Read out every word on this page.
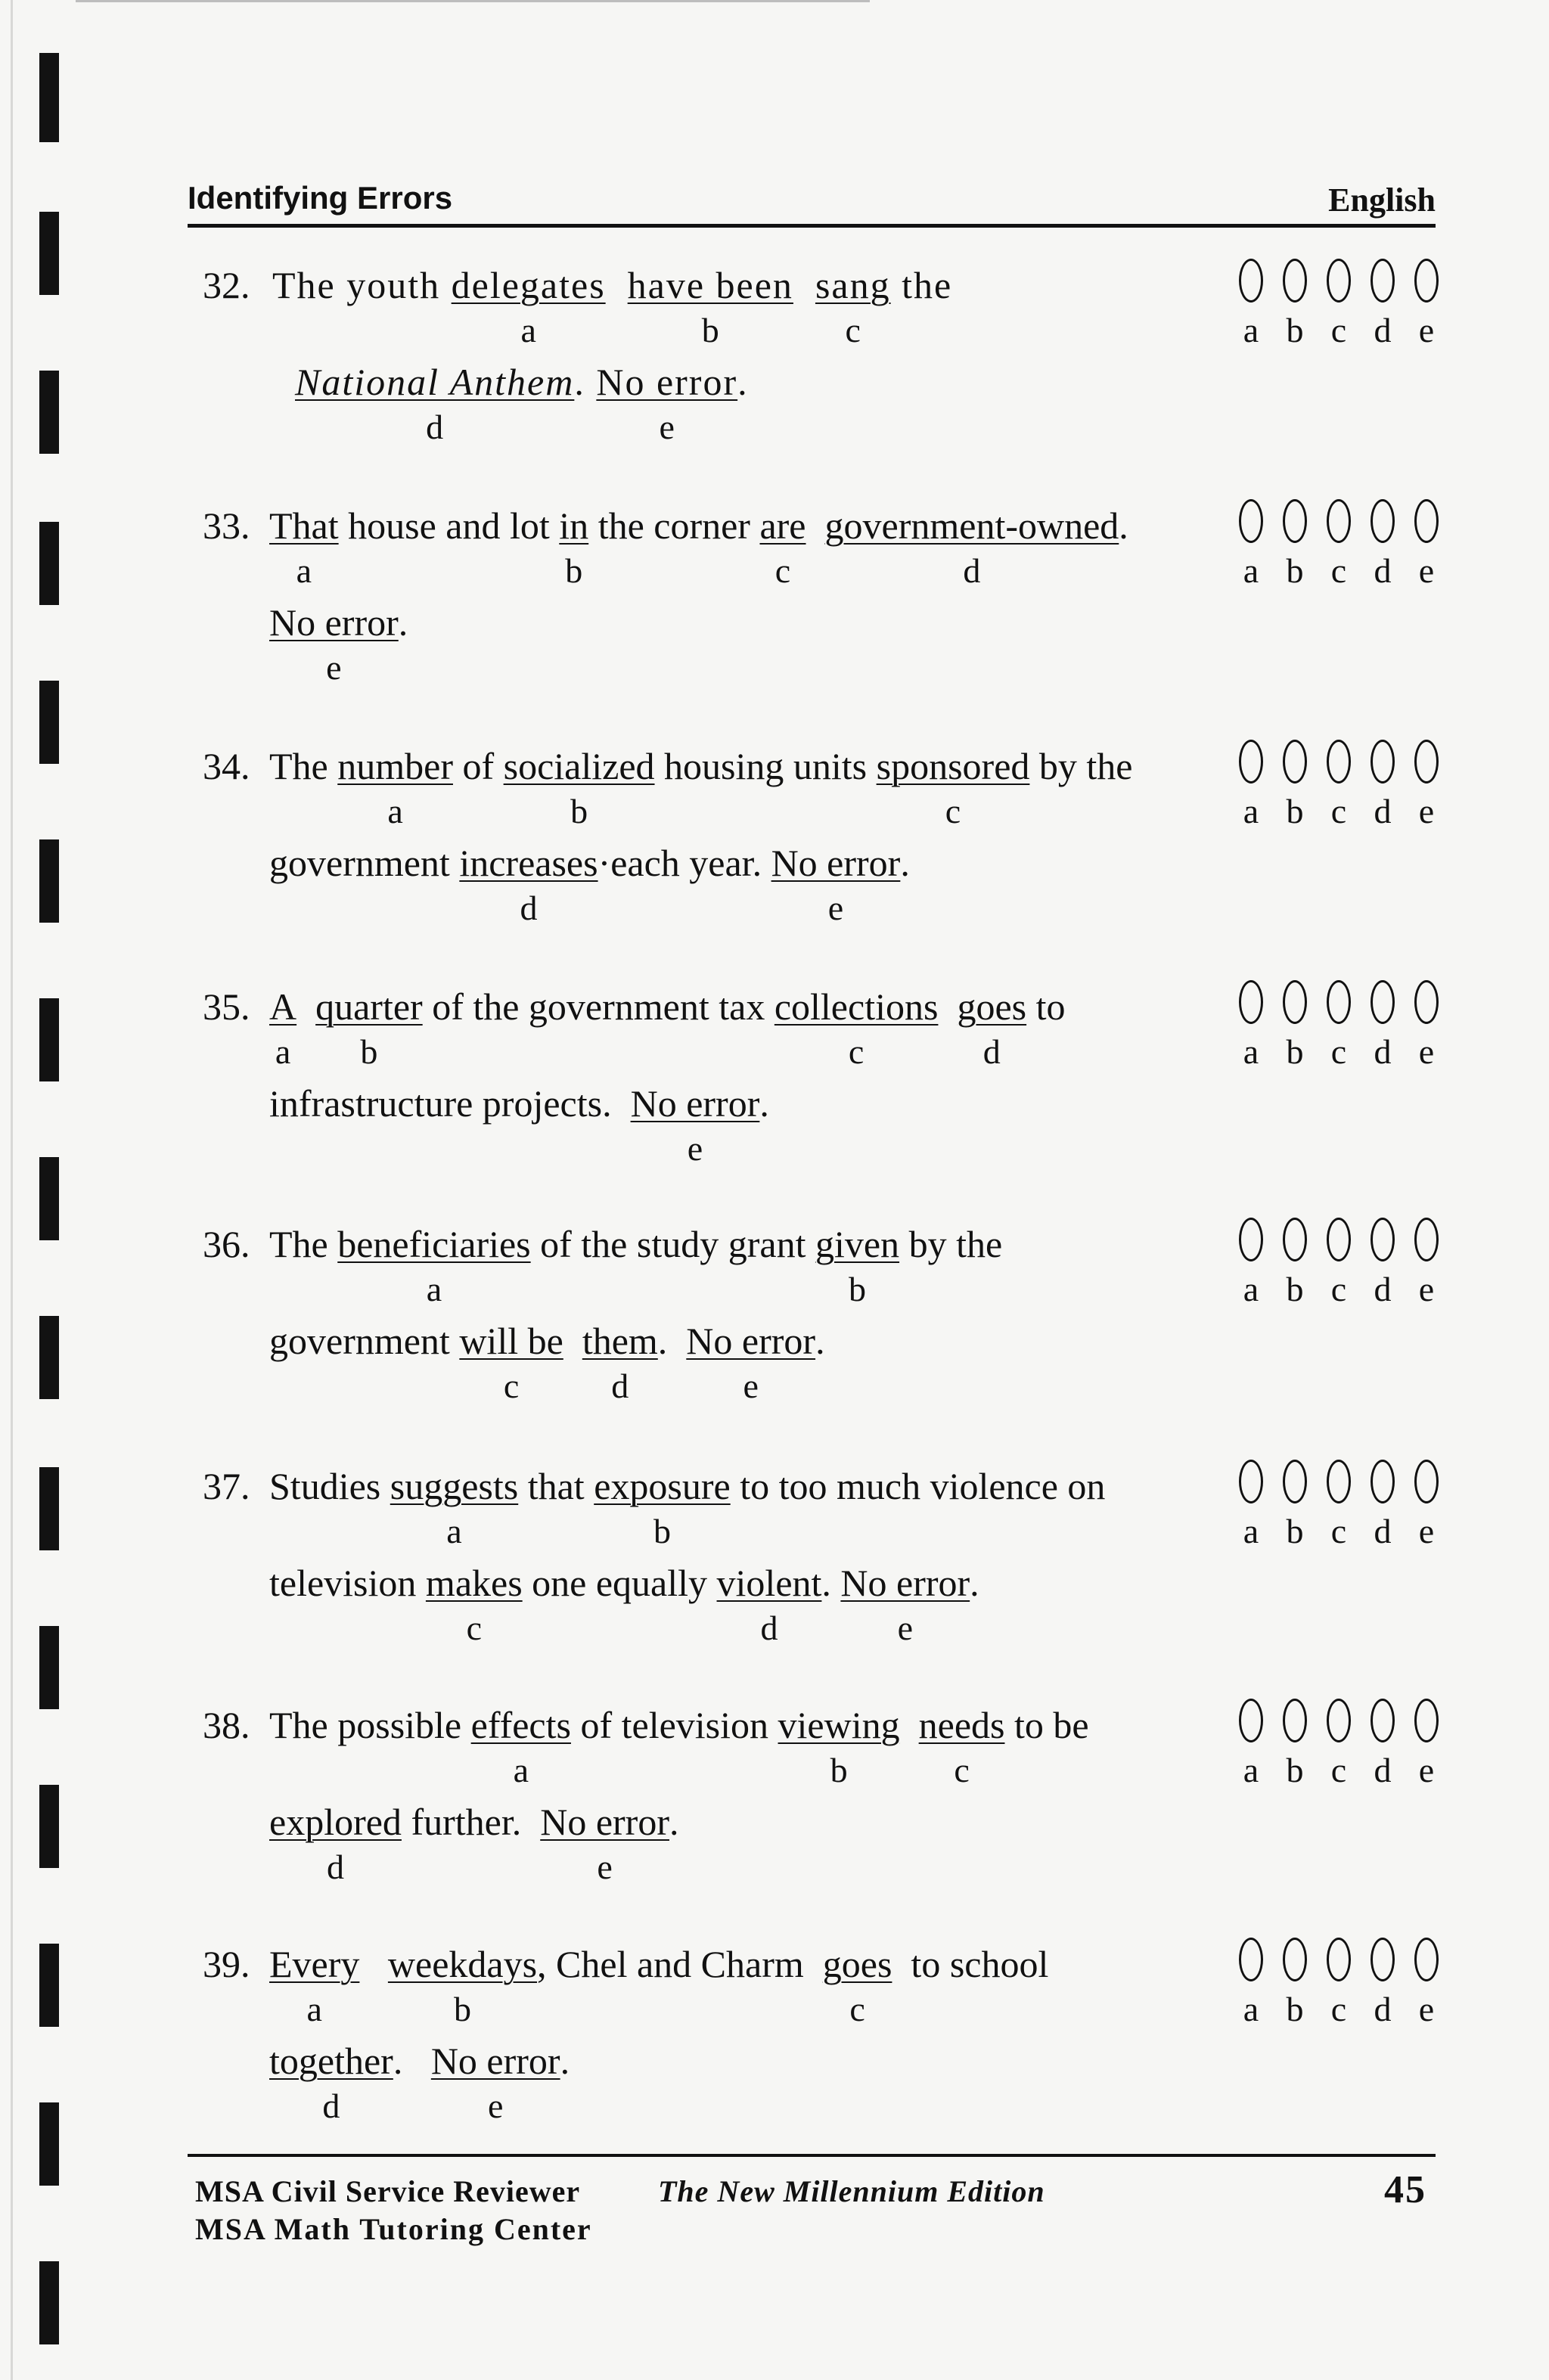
Identifying Errors	English
32. The youth delegates have been sang the
National Anthem. No error.
a b c d e
a	b	c
d	e
33. That house and lot in the corner are government-owned.
No error.
a b c d e
a	b	c	d
e
34. The number of socialized housing units sponsored by the
government increases·each year. No error.
a b c d e
a	b	c
d	e
35. A quarter of the government tax collections goes to
infrastructure projects.  No error.
a b c d e
a b	c	d
e
36. The beneficiaries of the study grant given by the
government will be them.  No error.
a b c d e
a	b
c	d	e
37. Studies suggests that exposure to too much violence on
television makes one equally violent. No error.
a b c d e
a	b
c	d	e
38. The possible effects of television viewing needs to be
explored further.  No error.
a b c d e
a	b	c
d	e
39. Every weekdays, Chel and Charm  goes  to school
together.   No error.
a b c d e
a	b	c
d	e
MSA Civil Service Reviewer	The New Millennium Edition
MSA Math Tutoring Center
45
